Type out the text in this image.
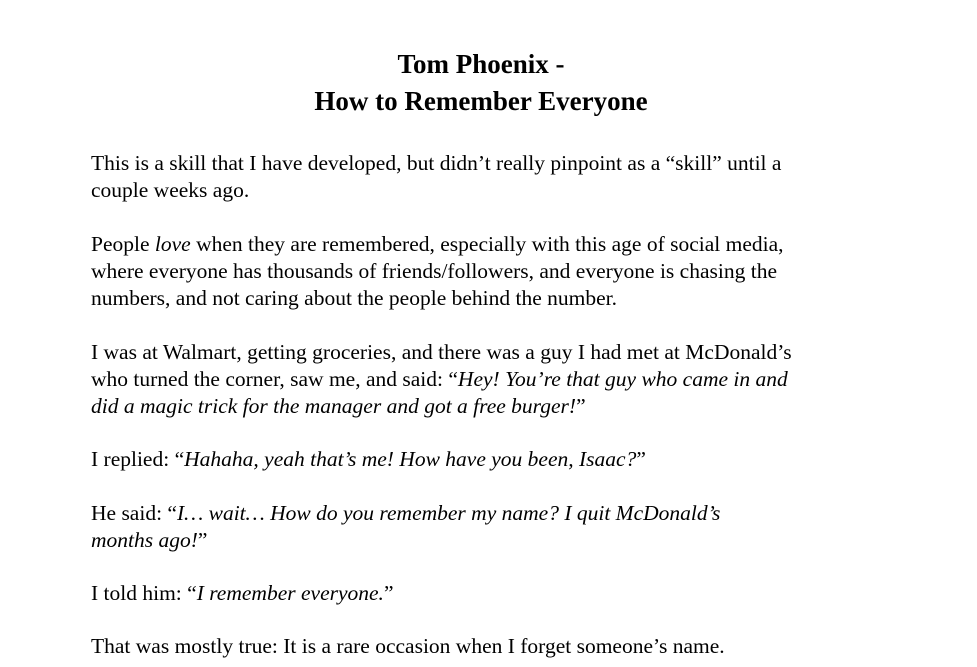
Tom Phoenix -
How to Remember Everyone

This is a skill that I have developed, but didn’t really pinpoint as a “skill” until a
couple weeks ago.

People love when they are remembered, especially with this age of social media,
where everyone has thousands of friends/followers, and everyone is chasing the
numbers, and not caring about the people behind the number.

I was at Walmart, getting groceries, and there was a guy I had met at McDonald’s
who turned the corner, saw me, and said: “Hey! You’re that guy who came in and
did a magic trick for the manager and got a free burger!”

I replied: “Hahaha, yeah that’s me! How have you been, Isaac?”

He said: “I… wait… How do you remember my name? I quit McDonald’s
months ago!”

I told him: “I remember everyone.”

That was mostly true: It is a rare occasion when I forget someone’s name.
